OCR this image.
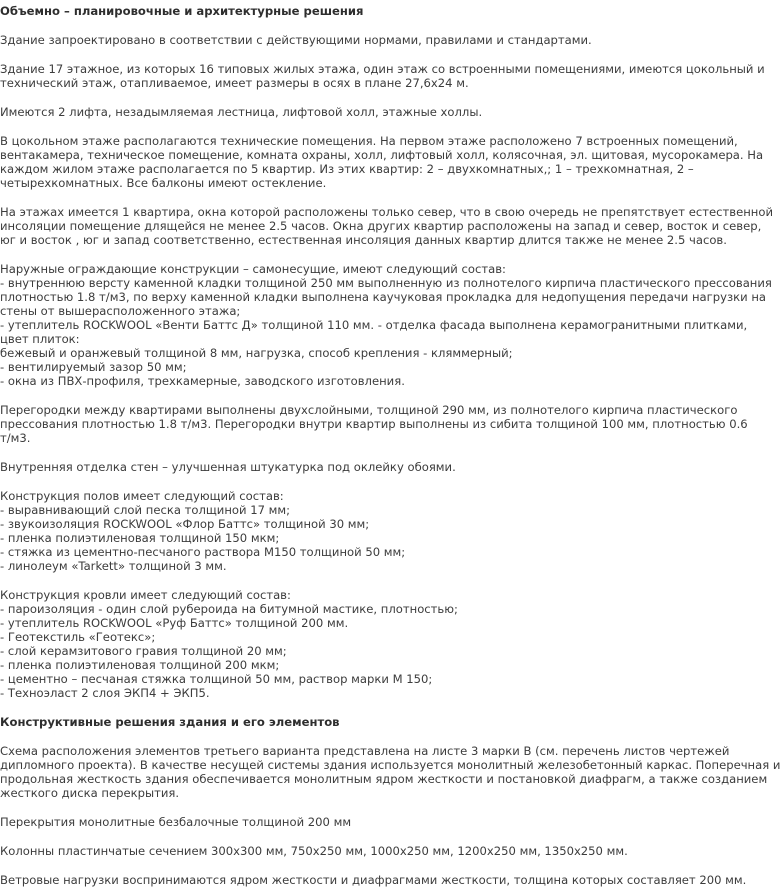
Объемно – планировочные и архитектурные решения
Здание запроектировано в соответствии с действующими нормами, правилами и стандартами.
Здание 17 этажное, из которых 16 типовых жилых этажа, один этаж со встроенными помещениями, имеются цокольный и
технический этаж, отапливаемое, имеет размеры в осях в плане 27,6х24 м.
Имеются 2 лифта, незадымляемая лестница, лифтовой холл, этажные холлы.
В цокольном этаже располагаются технические помещения. На первом этаже расположено 7 встроенных помещений,
вентакамера, техническое помещение, комната охраны, холл, лифтовый холл, колясочная, эл. щитовая, мусорокамера. На
каждом жилом этаже располагается по 5 квартир. Из этих квартир: 2 – двухкомнатных,; 1 – трехкомнатная, 2 –
четырехкомнатных. Все балконы имеют остекление.
На этажах имеется 1 квартира, окна которой расположены только север, что в свою очередь не препятствует естественной
инсоляции помещение длящейся не менее 2.5 часов. Окна других квартир расположены на запад и север, восток и север,
юг и восток , юг и запад соответственно, естественная инсоляция данных квартир длится также не менее 2.5 часов.
Наружные ограждающие конструкции – самонесущие, имеют следующий состав:
- внутреннюю версту каменной кладки толщиной 250 мм выполненную из полнотелого кирпича пластического прессования
плотностью 1.8 т/м3, по верху каменной кладки выполнена каучуковая прокладка для недопущения передачи нагрузки на
стены от вышерасположенного этажа;
- утеплитель ROCKWOOL «Венти Баттс Д» толщиной 110 мм. - отделка фасада выполнена керамогранитными плитками,
цвет плиток:
бежевый и оранжевый толщиной 8 мм, нагрузка, способ крепления - кляммерный;
- вентилируемый зазор 50 мм;
- окна из ПВХ-профиля, трехкамерные, заводского изготовления.
Перегородки между квартирами выполнены двухслойными, толщиной 290 мм, из полнотелого кирпича пластического
прессования плотностью 1.8 т/м3. Перегородки внутри квартир выполнены из сибита толщиной 100 мм, плотностью 0.6
т/м3.
Внутренняя отделка стен – улучшенная штукатурка под оклейку обоями.
Конструкция полов имеет следующий состав:
- выравнивающий слой песка толщиной 17 мм;
- звукоизоляция ROCKWOOL «Флор Баттс» толщиной 30 мм;
- пленка полиэтиленовая толщиной 150 мкм;
- стяжка из цементно-песчаного раствора М150 толщиной 50 мм;
- линолеум «Tarkett» толщиной 3 мм.
Конструкция кровли имеет следующий состав:
- пароизоляция - один слой рубероида на битумной мастике, плотностью;
- утеплитель ROCKWOOL «Руф Баттс» толщиной 200 мм.
- Геотекстиль «Геотекс»;
- слой керамзитового гравия толщиной 20 мм;
- пленка полиэтиленовая толщиной 200 мкм;
- цементно – песчаная стяжка толщиной 50 мм, раствор марки М 150;
- Техноэласт 2 слоя ЭКП4 + ЭКП5.
Конструктивные решения здания и его элементов
Схема расположения элементов третьего варианта представлена на листе 3 марки В (см. перечень листов чертежей
дипломного проекта). В качестве несущей системы здания используется монолитный железобетонный каркас. Поперечная и
продольная жесткость здания обеспечивается монолитным ядром жесткости и постановкой диафрагм, а также созданием
жесткого диска перекрытия.
Перекрытия монолитные безбалочные толщиной 200 мм
Колонны пластинчатые сечением 300х300 мм, 750х250 мм, 1000х250 мм, 1200х250 мм, 1350х250 мм.
Ветровые нагрузки воспринимаются ядром жесткости и диафрагмами жесткости, толщина которых составляет 200 мм.
